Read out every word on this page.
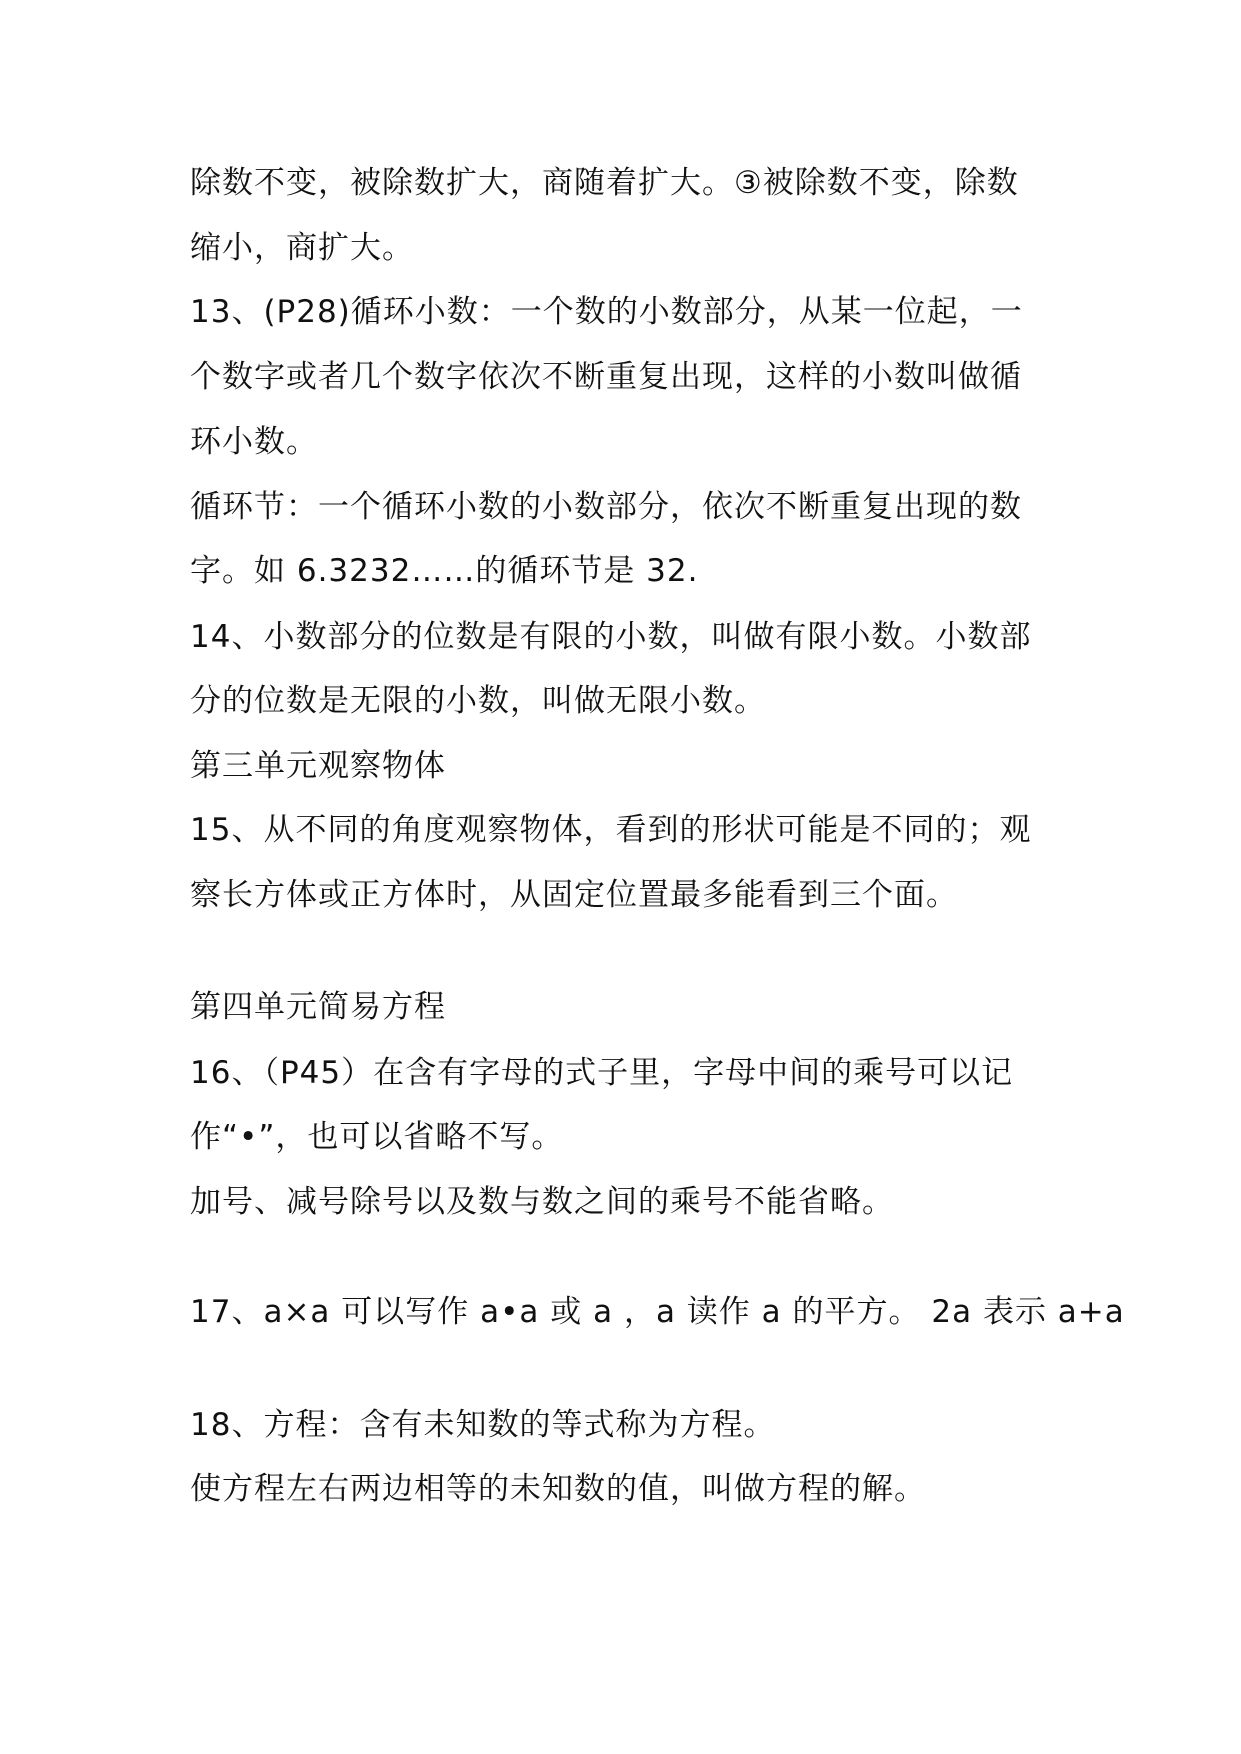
除数不变，被除数扩大，商随着扩大。③被除数不变，除数
缩小，商扩大。
13、(P28)循环小数：一个数的小数部分，从某一位起，一
个数字或者几个数字依次不断重复出现，这样的小数叫做循
环小数。
循环节：一个循环小数的小数部分，依次不断重复出现的数
字。如 6.3232……的循环节是 32.
14、小数部分的位数是有限的小数，叫做有限小数。小数部
分的位数是无限的小数，叫做无限小数。
第三单元观察物体
15、从不同的角度观察物体，看到的形状可能是不同的；观
察长方体或正方体时，从固定位置最多能看到三个面。
第四单元简易方程
16、（P45）在含有字母的式子里，字母中间的乘号可以记
作“•”，也可以省略不写。
加号、减号除号以及数与数之间的乘号不能省略。
17、a×a 可以写作 a•a 或 a ，a 读作 a 的平方。 2a 表示 a+a
18、方程：含有未知数的等式称为方程。
使方程左右两边相等的未知数的值，叫做方程的解。
